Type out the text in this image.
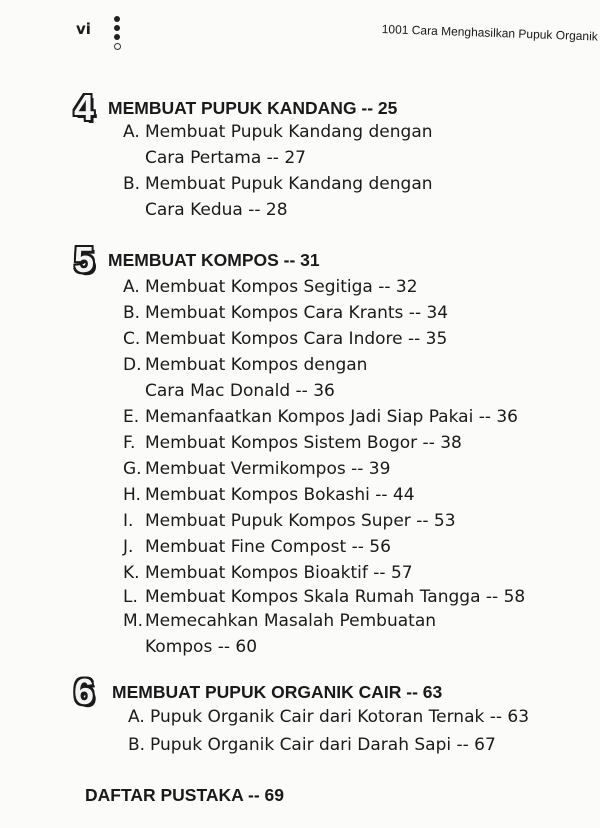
vi	1001 Cara Menghasilkan Pupuk Organik
4 MEMBUAT PUPUK KANDANG -- 25
A. Membuat Pupuk Kandang dengan
Cara Pertama -- 27
B. Membuat Pupuk Kandang dengan
Cara Kedua -- 28
5 MEMBUAT KOMPOS -- 31
A. Membuat Kompos Segitiga -- 32
B. Membuat Kompos Cara Krants -- 34
C. Membuat Kompos Cara Indore -- 35
D. Membuat Kompos dengan
Cara Mac Donald -- 36
E. Memanfaatkan Kompos Jadi Siap Pakai -- 36
F. Membuat Kompos Sistem Bogor -- 38
G. Membuat Vermikompos -- 39
H. Membuat Kompos Bokashi -- 44
I. Membuat Pupuk Kompos Super -- 53
J. Membuat Fine Compost -- 56
K. Membuat Kompos Bioaktif -- 57
L. Membuat Kompos Skala Rumah Tangga -- 58
M. Memecahkan Masalah Pembuatan
Kompos -- 60
6 MEMBUAT PUPUK ORGANIK CAIR -- 63
A. Pupuk Organik Cair dari Kotoran Ternak -- 63
B. Pupuk Organik Cair dari Darah Sapi -- 67
DAFTAR PUSTAKA -- 69
